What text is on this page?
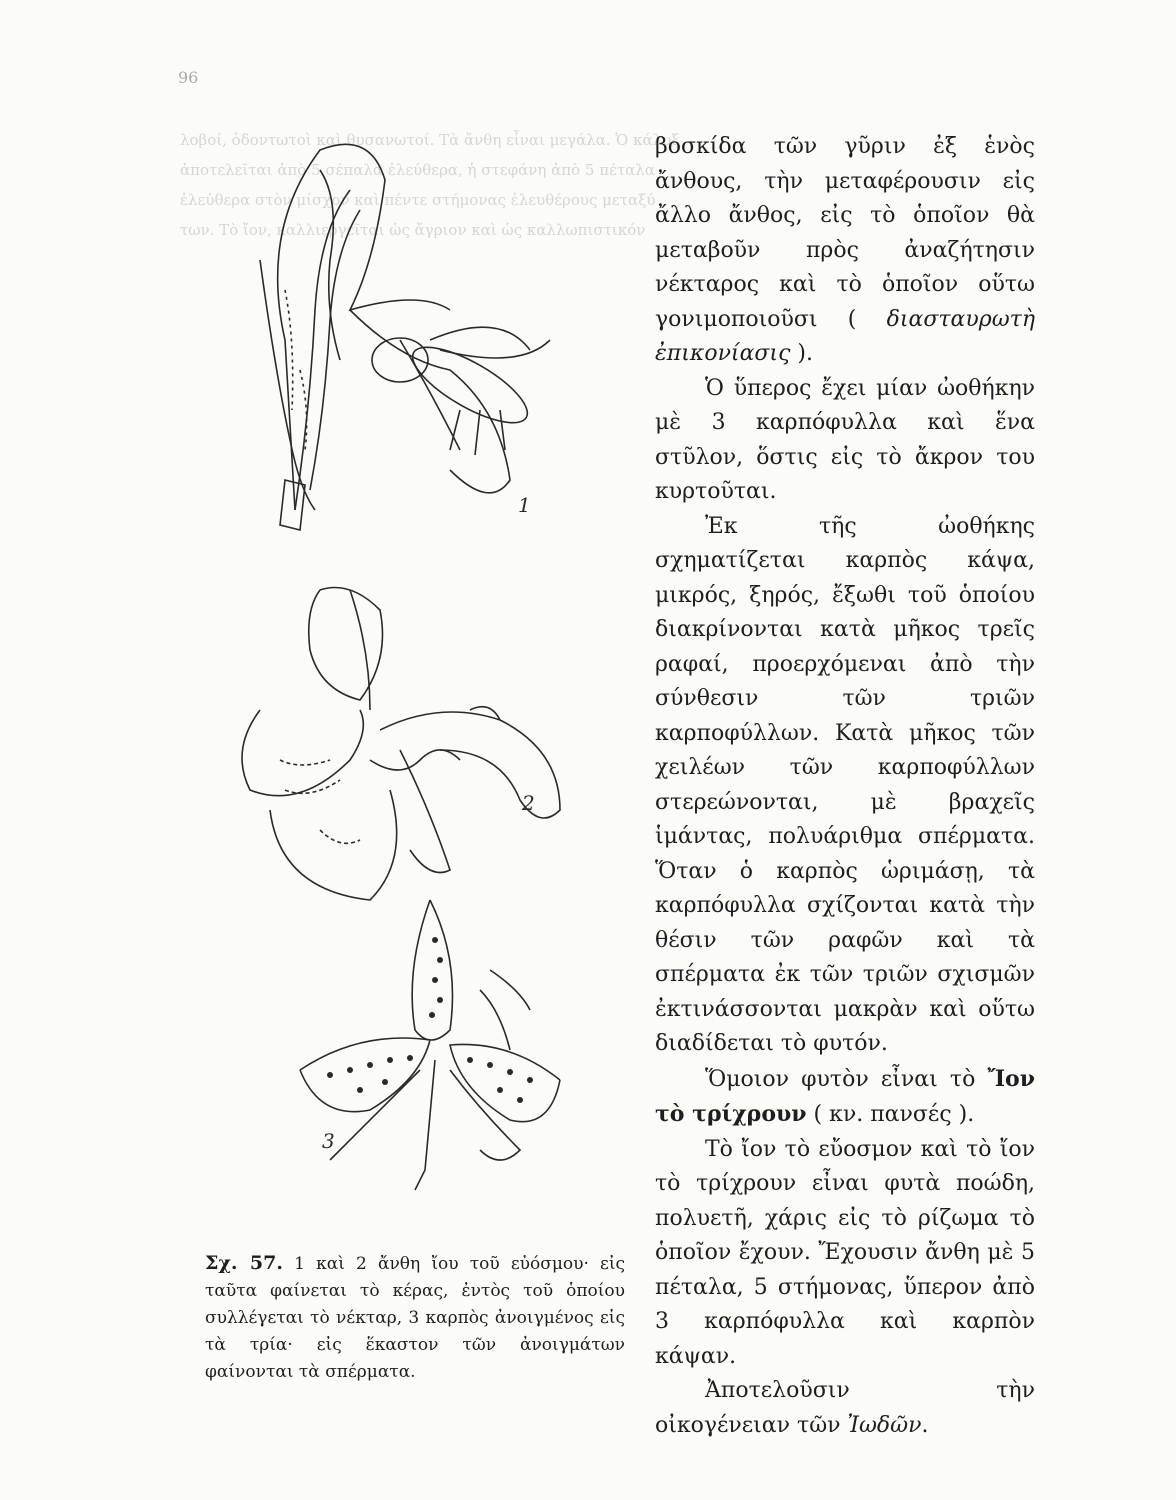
96
λοβοί, ὀδοντωτοὶ καὶ θυσανωτοί. Τὰ ἄνθη εἶναι μεγάλα. Ὁ κάλυξ
ἀποτελεῖται ἀπὸ 5 σέπαλα ἐλεύθερα, ἡ στεφάνη ἀπὸ 5 πέταλα
ἐλεύθερα στὸν μίσχον καὶ πέντε στήμονας ἐλευθέρους μεταξύ
των. Τὸ ἴον, καλλιεργεῖται ὡς ἄγριον καὶ ὡς καλλωπιστικόν
1
2
3
Σχ. 57. 1 καὶ 2 ἄνθη ἴου τοῦ εὐόσμου· εἰς ταῦτα φαίνεται τὸ κέρας, ἐντὸς τοῦ ὁποίου συλλέγεται τὸ νέκταρ, 3 καρπὸς ἀνοιγμένος εἰς τὰ τρία· εἰς ἕκαστον τῶν ἀνοιγμάτων φαίνονται τὰ σπέρματα.

βοσκίδα τῶν γῦριν ἐξ ἑνὸς ἄνθους, τὴν μεταφέρουσιν εἰς ἄλλο ἄνθος, εἰς τὸ ὁποῖον θὰ μεταβοῦν πρὸς ἀναζήτησιν νέκταρος καὶ τὸ ὁποῖον οὕτω γονιμοποιοῦσι ( διασταυρωτὴ ἐπικονίασις ).

Ὁ ὕπερος ἔχει μίαν ὠοθήκην μὲ 3 καρπόφυλλα καὶ ἕνα στῦλον, ὅστις εἰς τὸ ἄκρον του κυρτοῦται.

Ἐκ τῆς ὠοθήκης σχηματίζεται καρπὸς κάψα, μικρός, ξηρός, ἔξωθι τοῦ ὁποίου διακρίνονται κατὰ μῆκος τρεῖς ραφαί, προερχόμεναι ἀπὸ τὴν σύνθεσιν τῶν τριῶν καρποφύλλων. Κατὰ μῆκος τῶν χειλέων τῶν καρποφύλλων στερεώνονται, μὲ βραχεῖς ἱμάντας, πολυάριθμα σπέρματα. Ὅταν ὁ καρπὸς ὡριμάσῃ, τὰ καρπόφυλλα σχίζονται κατὰ τὴν θέσιν τῶν ραφῶν καὶ τὰ σπέρματα ἐκ τῶν τριῶν σχισμῶν ἐκτινάσσονται μακρὰν καὶ οὕτω διαδίδεται τὸ φυτόν.

Ὅμοιον φυτὸν εἶναι τὸ Ἴον τὸ τρίχρουν ( κν. πανσές ).

Τὸ ἴον τὸ εὔοσμον καὶ τὸ ἴον τὸ τρίχρουν εἶναι φυτὰ ποώδη, πολυετῆ, χάρις εἰς τὸ ρίζωμα τὸ ὁποῖον ἔχουν. Ἔχουσιν ἄνθη μὲ 5 πέταλα, 5 στήμονας, ὕπερον ἀπὸ 3 καρπόφυλλα καὶ καρπὸν κάψαν.

Ἀποτελοῦσιν τὴν οἰκογένειαν τῶν Ἰωδῶν.
